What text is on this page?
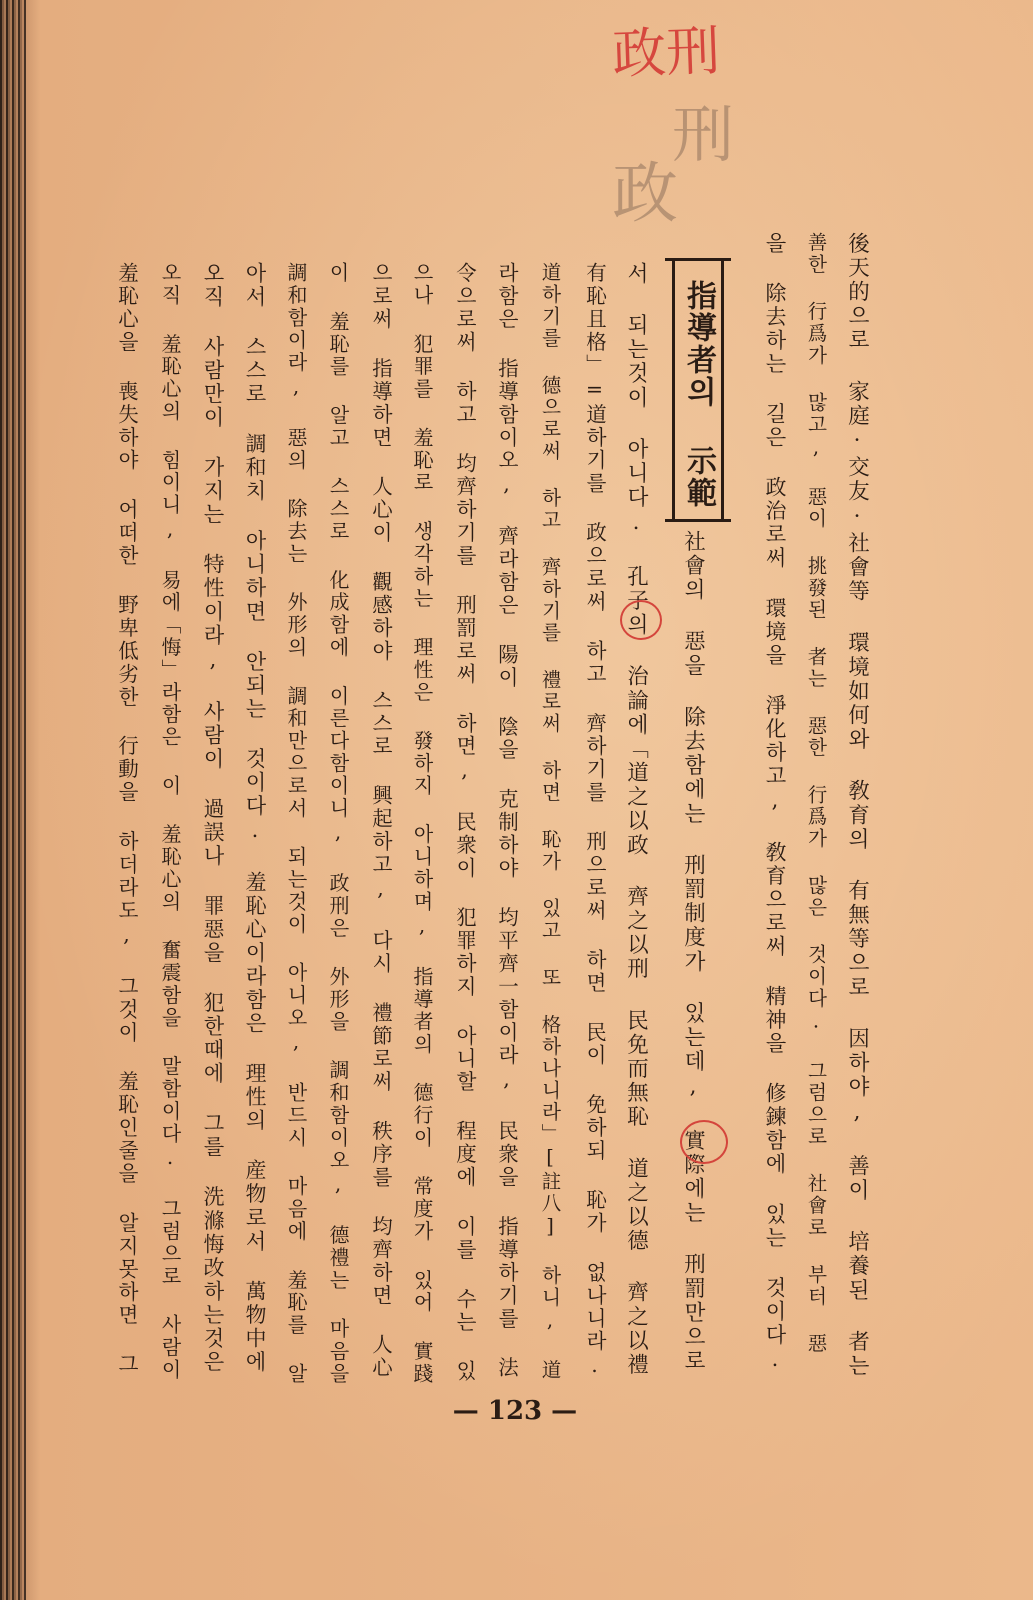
政刑
刑
政
指導者의 示範	後天的으로 家庭·交友·社會等 環境如何와 敎育의 有無等으로 因하야, 善이 培養된 者는
善한 行爲가 많고, 惡이 挑發된 者는 惡한 行爲가 많은 것이다. 그럼으로 社會로 부터 惡
을 除去하는 길은 政治로써 環境을 淨化하고, 敎育으로써 精神을 修鍊함에 있는 것이다.
社會의 惡을 除去함에는 刑罰制度가 있는데, 實際에는 刑罰만으로
서 되는것이 아니다. 孔子의 治論에「道之以政 齊之以刑 民免而無恥 道之以德 齊之以禮
有恥且格」=道하기를 政으로써 하고 齊하기를 刑으로써 하면 民이 免하되 恥가 없나니라.
道하기를 德으로써 하고 齊하기를 禮로써 하면 恥가 있고 또 格하나니라」[註八] 하니, 道
라함은 指導함이오, 齊라함은 陽이 陰을 克制하야 均平齊一함이라, 民衆을 指導하기를 法
令으로써 하고 均齊하기를 刑罰로써 하면, 民衆이 犯罪하지 아니할 程度에 이를 수는 있
으나 犯罪를 羞恥로 생각하는 理性은 發하지 아니하며, 指導者의 德行이 常度가 있어 實踐
으로써 指導하면 人心이 觀感하야 스스로 興起하고, 다시 禮節로써 秩序를 均齊하면 人心
이 羞恥를 알고 스스로 化成함에 이른다함이니, 政刑은 外形을 調和함이오, 德禮는 마음을
調和함이라, 惡의 除去는 外形의 調和만으로서 되는것이 아니오, 반드시 마음에 羞恥를 알
아서 스스로 調和치 아니하면 안되는 것이다. 羞恥心이라함은 理性의 産物로서 萬物中에
오직 사람만이 가지는 特性이라, 사람이 過誤나 罪惡을 犯한때에 그를 洗滌悔改하는것은
오직 羞恥心의 힘이니, 易에「悔」라함은 이 羞恥心의 奮震함을 말함이다. 그럼으로 사람이
羞恥心을 喪失하야 어떠한 野卑低劣한 行動을 하더라도, 그것이 羞恥인줄을 알지못하면 그
— 123 —
